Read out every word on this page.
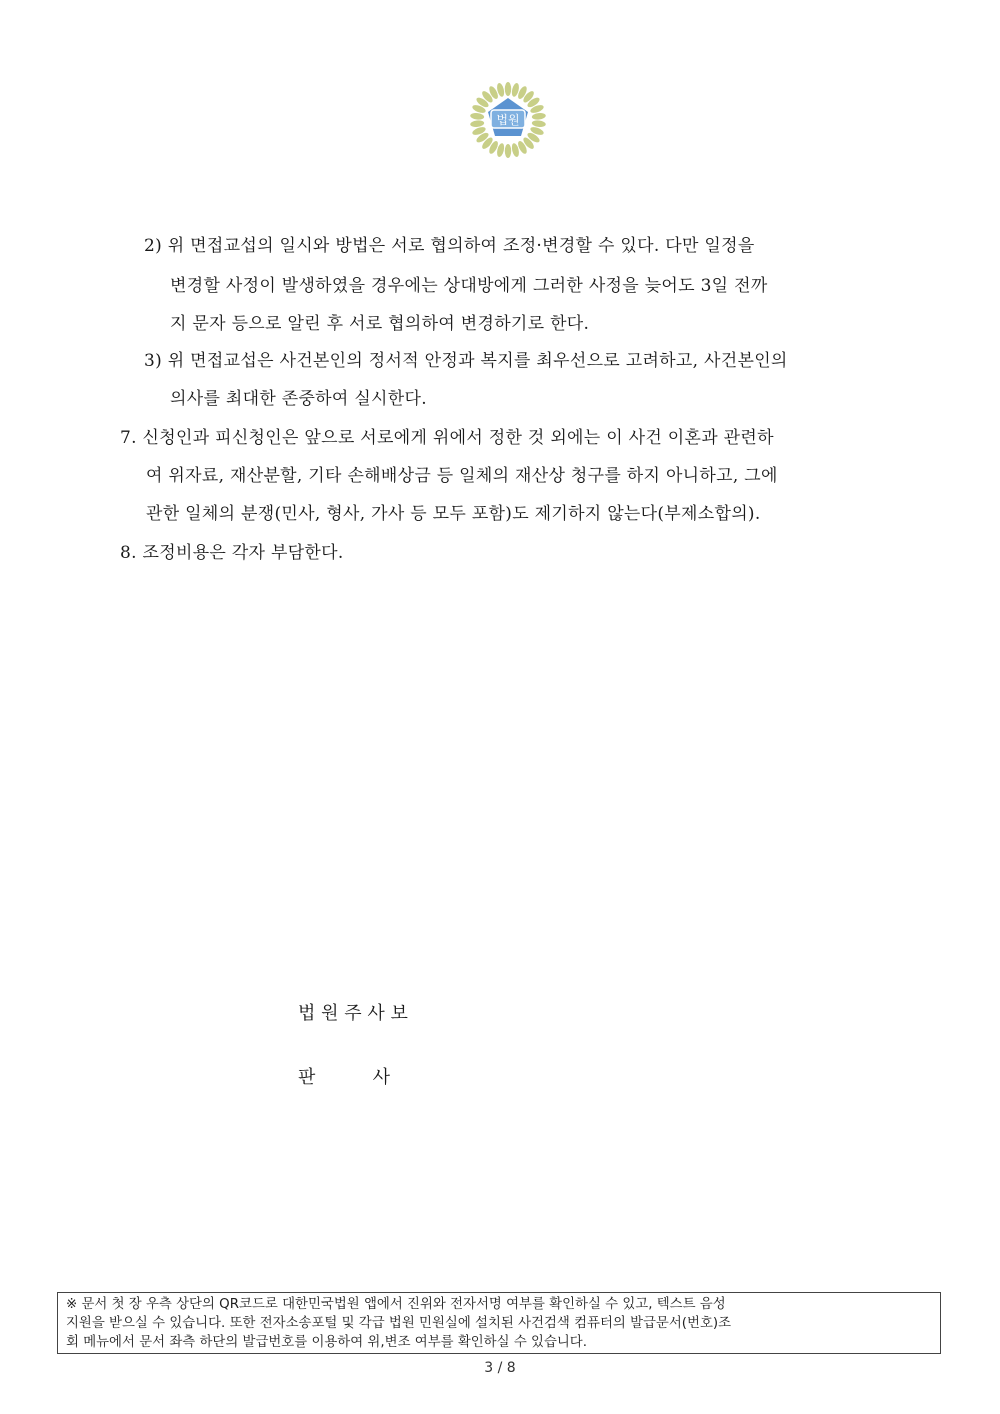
법원
2) 위 면접교섭의 일시와 방법은 서로 협의하여 조정·변경할 수 있다. 다만 일정을
변경할 사정이 발생하였을 경우에는 상대방에게 그러한 사정을 늦어도 3일 전까
지 문자 등으로 알린 후 서로 협의하여 변경하기로 한다.
3) 위 면접교섭은 사건본인의 정서적 안정과 복지를 최우선으로 고려하고, 사건본인의
의사를 최대한 존중하여 실시한다.
7. 신청인과 피신청인은 앞으로 서로에게 위에서 정한 것 외에는 이 사건 이혼과 관련하
여 위자료, 재산분할, 기타 손해배상금 등 일체의 재산상 청구를 하지 아니하고, 그에
관한 일체의 분쟁(민사, 형사, 가사 등 모두 포함)도 제기하지 않는다(부제소합의).
8. 조정비용은 각자 부담한다.
법 원 주 사 보
판          사
※ 문서 첫 장 우측 상단의 QR코드로 대한민국법원 앱에서 진위와 전자서명 여부를 확인하실 수 있고, 텍스트 음성
지원을 받으실 수 있습니다. 또한 전자소송포털 및 각급 법원 민원실에 설치된 사건검색 컴퓨터의 발급문서(번호)조
회 메뉴에서 문서 좌측 하단의 발급번호를 이용하여 위,변조 여부를 확인하실 수 있습니다.
3 / 8
